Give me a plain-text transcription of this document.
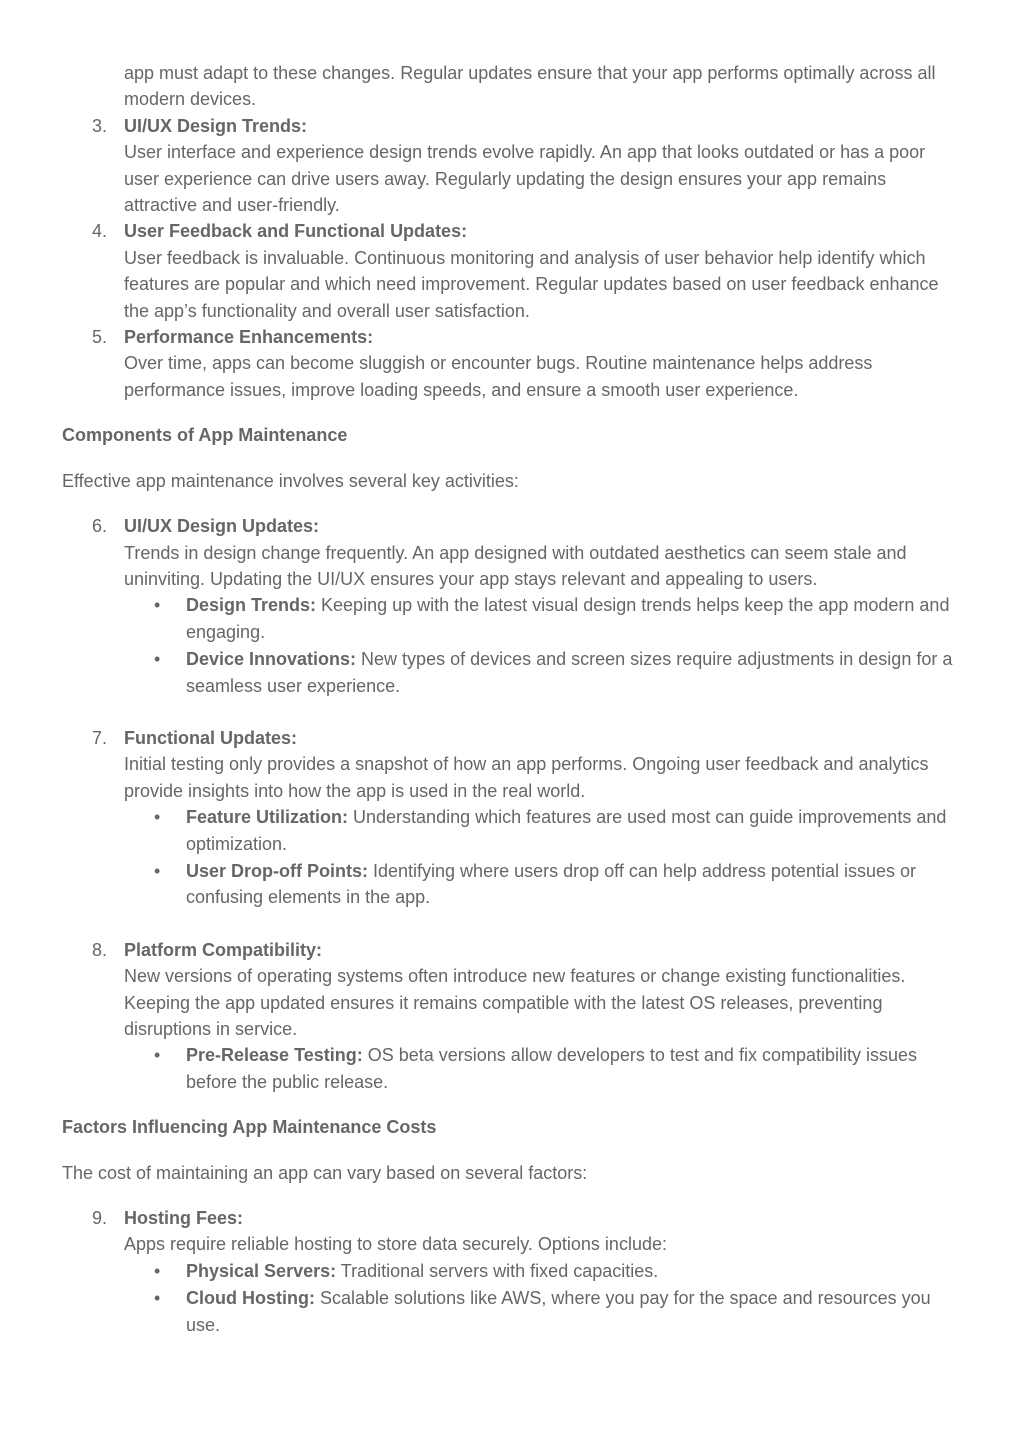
app must adapt to these changes. Regular updates ensure that your app performs optimally across all modern devices.

3. UI/UX Design Trends:
User interface and experience design trends evolve rapidly. An app that looks outdated or has a poor user experience can drive users away. Regularly updating the design ensures your app remains attractive and user-friendly.
4. User Feedback and Functional Updates:
User feedback is invaluable. Continuous monitoring and analysis of user behavior help identify which features are popular and which need improvement. Regular updates based on user feedback enhance the app’s functionality and overall user satisfaction.
5. Performance Enhancements:
Over time, apps can become sluggish or encounter bugs. Routine maintenance helps address performance issues, improve loading speeds, and ensure a smooth user experience.

Components of App Maintenance

Effective app maintenance involves several key activities:

6. UI/UX Design Updates:
Trends in design change frequently. An app designed with outdated aesthetics can seem stale and uninviting. Updating the UI/UX ensures your app stays relevant and appealing to users.
• Design Trends: Keeping up with the latest visual design trends helps keep the app modern and engaging.
• Device Innovations: New types of devices and screen sizes require adjustments in design for a seamless user experience.
7. Functional Updates:
Initial testing only provides a snapshot of how an app performs. Ongoing user feedback and analytics provide insights into how the app is used in the real world.
• Feature Utilization: Understanding which features are used most can guide improvements and optimization.
• User Drop-off Points: Identifying where users drop off can help address potential issues or confusing elements in the app.
8. Platform Compatibility:
New versions of operating systems often introduce new features or change existing functionalities. Keeping the app updated ensures it remains compatible with the latest OS releases, preventing disruptions in service.
• Pre-Release Testing: OS beta versions allow developers to test and fix compatibility issues before the public release.

Factors Influencing App Maintenance Costs

The cost of maintaining an app can vary based on several factors:

9. Hosting Fees:
Apps require reliable hosting to store data securely. Options include:
• Physical Servers: Traditional servers with fixed capacities.
• Cloud Hosting: Scalable solutions like AWS, where you pay for the space and resources you use.
